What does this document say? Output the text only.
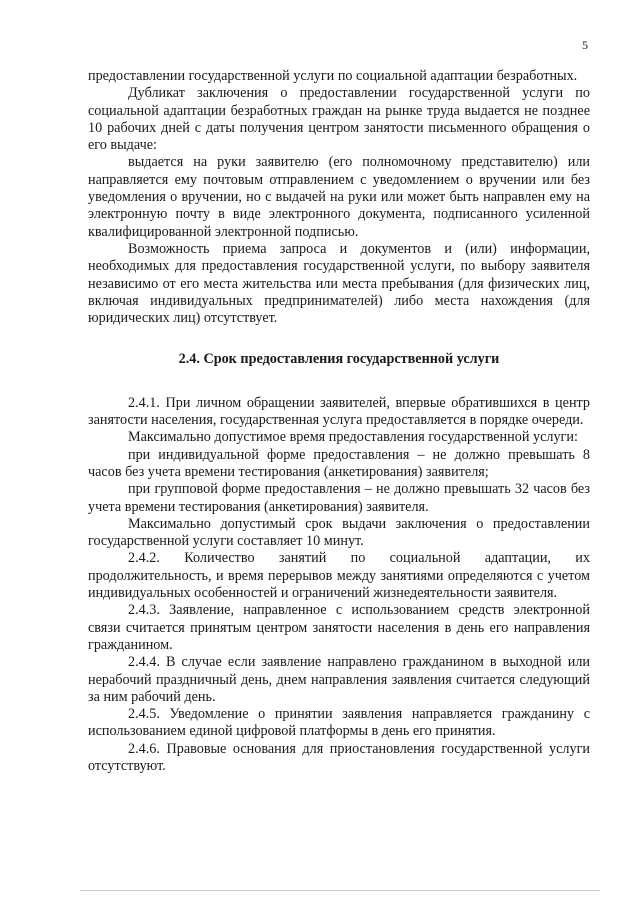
5

предоставлении государственной услуги по социальной адаптации безработных.

Дубликат заключения о предоставлении государственной услуги по социальной адаптации безработных граждан на рынке труда выдается не позднее 10 рабочих дней с даты получения центром занятости письменного обращения о его выдаче:

выдается на руки заявителю (его полномочному представителю) или направляется ему почтовым отправлением с уведомлением о вручении или без уведомления о вручении, но с выдачей на руки или может быть направлен ему на электронную почту в виде электронного документа, подписанного усиленной квалифицированной электронной подписью.

Возможность приема запроса и документов и (или) информации, необходимых для предоставления государственной услуги, по выбору заявителя независимо от его места жительства или места пребывания (для физических лиц, включая индивидуальных предпринимателей) либо места нахождения (для юридических лиц) отсутствует.

2.4. Срок предоставления государственной услуги

2.4.1. При личном обращении заявителей, впервые обратившихся в центр занятости населения, государственная услуга предоставляется в порядке очереди.

Максимально допустимое время предоставления государственной услуги:

при индивидуальной форме предоставления – не должно превышать 8 часов без учета времени тестирования (анкетирования) заявителя;

при групповой форме предоставления – не должно превышать 32 часов без учета времени тестирования (анкетирования) заявителя.

Максимально допустимый срок выдачи заключения о предоставлении государственной услуги составляет 10 минут.

2.4.2. Количество занятий по социальной адаптации, их продолжительность, и время перерывов между занятиями определяются с учетом индивидуальных особенностей и ограничений жизнедеятельности заявителя.

2.4.3. Заявление, направленное с использованием средств электронной связи считается принятым центром занятости населения в день его направления гражданином.

2.4.4. В случае если заявление направлено гражданином в выходной или нерабочий праздничный день, днем направления заявления считается следующий за ним рабочий день.

2.4.5. Уведомление о принятии заявления направляется гражданину с использованием единой цифровой платформы в день его принятия.

2.4.6. Правовые основания для приостановления государственной услуги отсутствуют.
